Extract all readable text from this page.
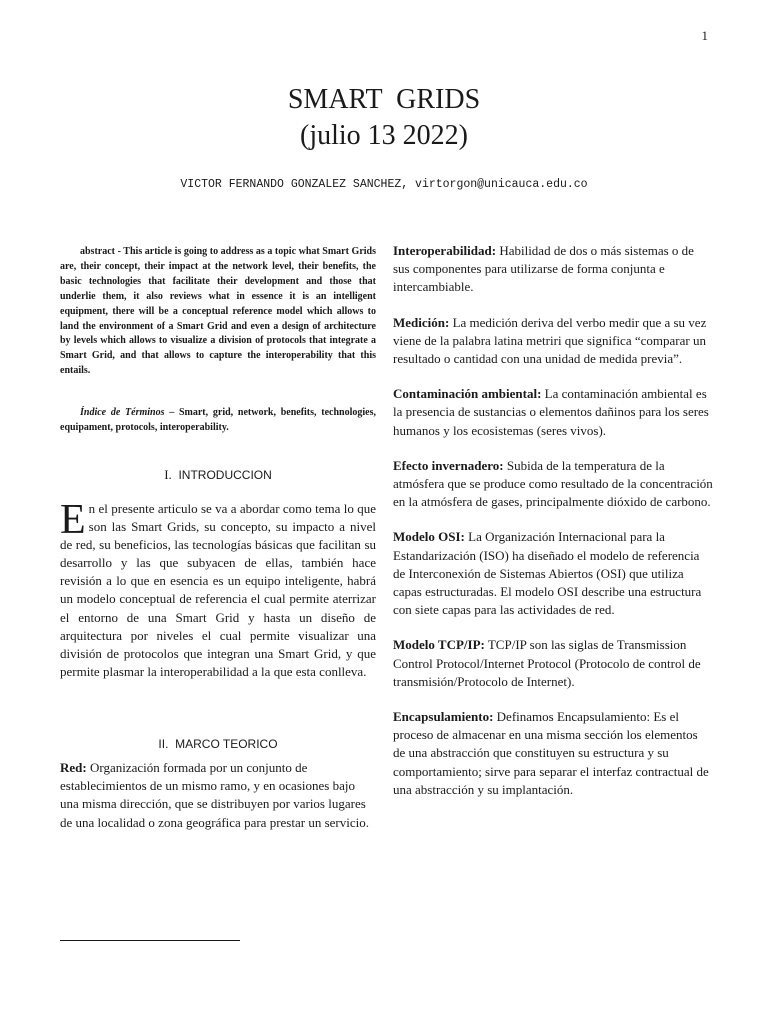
1
SMART  GRIDS
(julio 13 2022)
VICTOR FERNANDO GONZALEZ SANCHEZ, virtorgon@unicauca.edu.co

abstract - This article is going to address as a topic what Smart Grids are, their concept, their impact at the network level, their benefits, the basic technologies that facilitate their development and those that underlie them, it also reviews what in essence it is an intelligent equipment, there will be a conceptual reference model which allows to land the environment of a Smart Grid and even a design of architecture by levels which allows to visualize a division of protocols that integrate a Smart Grid, and that allows to capture the interoperability that this entails.

Índice de Términos – Smart, grid, network, benefits, technologies, equipament, protocols, interoperability.

I. INTRODUCCION

En el presente articulo se va a abordar como tema lo que son las Smart Grids, su concepto, su impacto a nivel de red, su beneficios, las tecnologías básicas que facilitan su desarrollo y las que subyacen de ellas, también hace revisión a lo que en esencia es un equipo inteligente, habrá un modelo conceptual de referencia el cual permite aterrizar el entorno de una Smart Grid y hasta un diseño de arquitectura por niveles el cual permite visualizar una división de protocolos que integran una Smart Grid, y que permite plasmar la interoperabilidad a la que esta conlleva.

II. MARCO TEORICO

Red: Organización formada por un conjunto de establecimientos de un mismo ramo, y en ocasiones bajo una misma dirección, que se distribuyen por varios lugares de una localidad o zona geográfica para prestar un servicio.

Interoperabilidad: Habilidad de dos o más sistemas o de sus componentes para utilizarse de forma conjunta e intercambiable.

Medición: La medición deriva del verbo medir que a su vez viene de la palabra latina metriri que significa “comparar un resultado o cantidad con una unidad de medida previa”.

Contaminación ambiental: La contaminación ambiental es la presencia de sustancias o elementos dañinos para los seres humanos y los ecosistemas (seres vivos).

Efecto invernadero: Subida de la temperatura de la atmósfera que se produce como resultado de la concentración en la atmósfera de gases, principalmente dióxido de carbono.

Modelo OSI: La Organización Internacional para la Estandarización (ISO) ha diseñado el modelo de referencia de Interconexión de Sistemas Abiertos (OSI) que utiliza capas estructuradas. El modelo OSI describe una estructura con siete capas para las actividades de red.

Modelo TCP/IP: TCP/IP son las siglas de Transmission Control Protocol/Internet Protocol (Protocolo de control de transmisión/Protocolo de Internet).

Encapsulamiento: Definamos Encapsulamiento: Es el proceso de almacenar en una misma sección los elementos de una abstracción que constituyen su estructura y su comportamiento; sirve para separar el interfaz contractual de una abstracción y su implantación.
